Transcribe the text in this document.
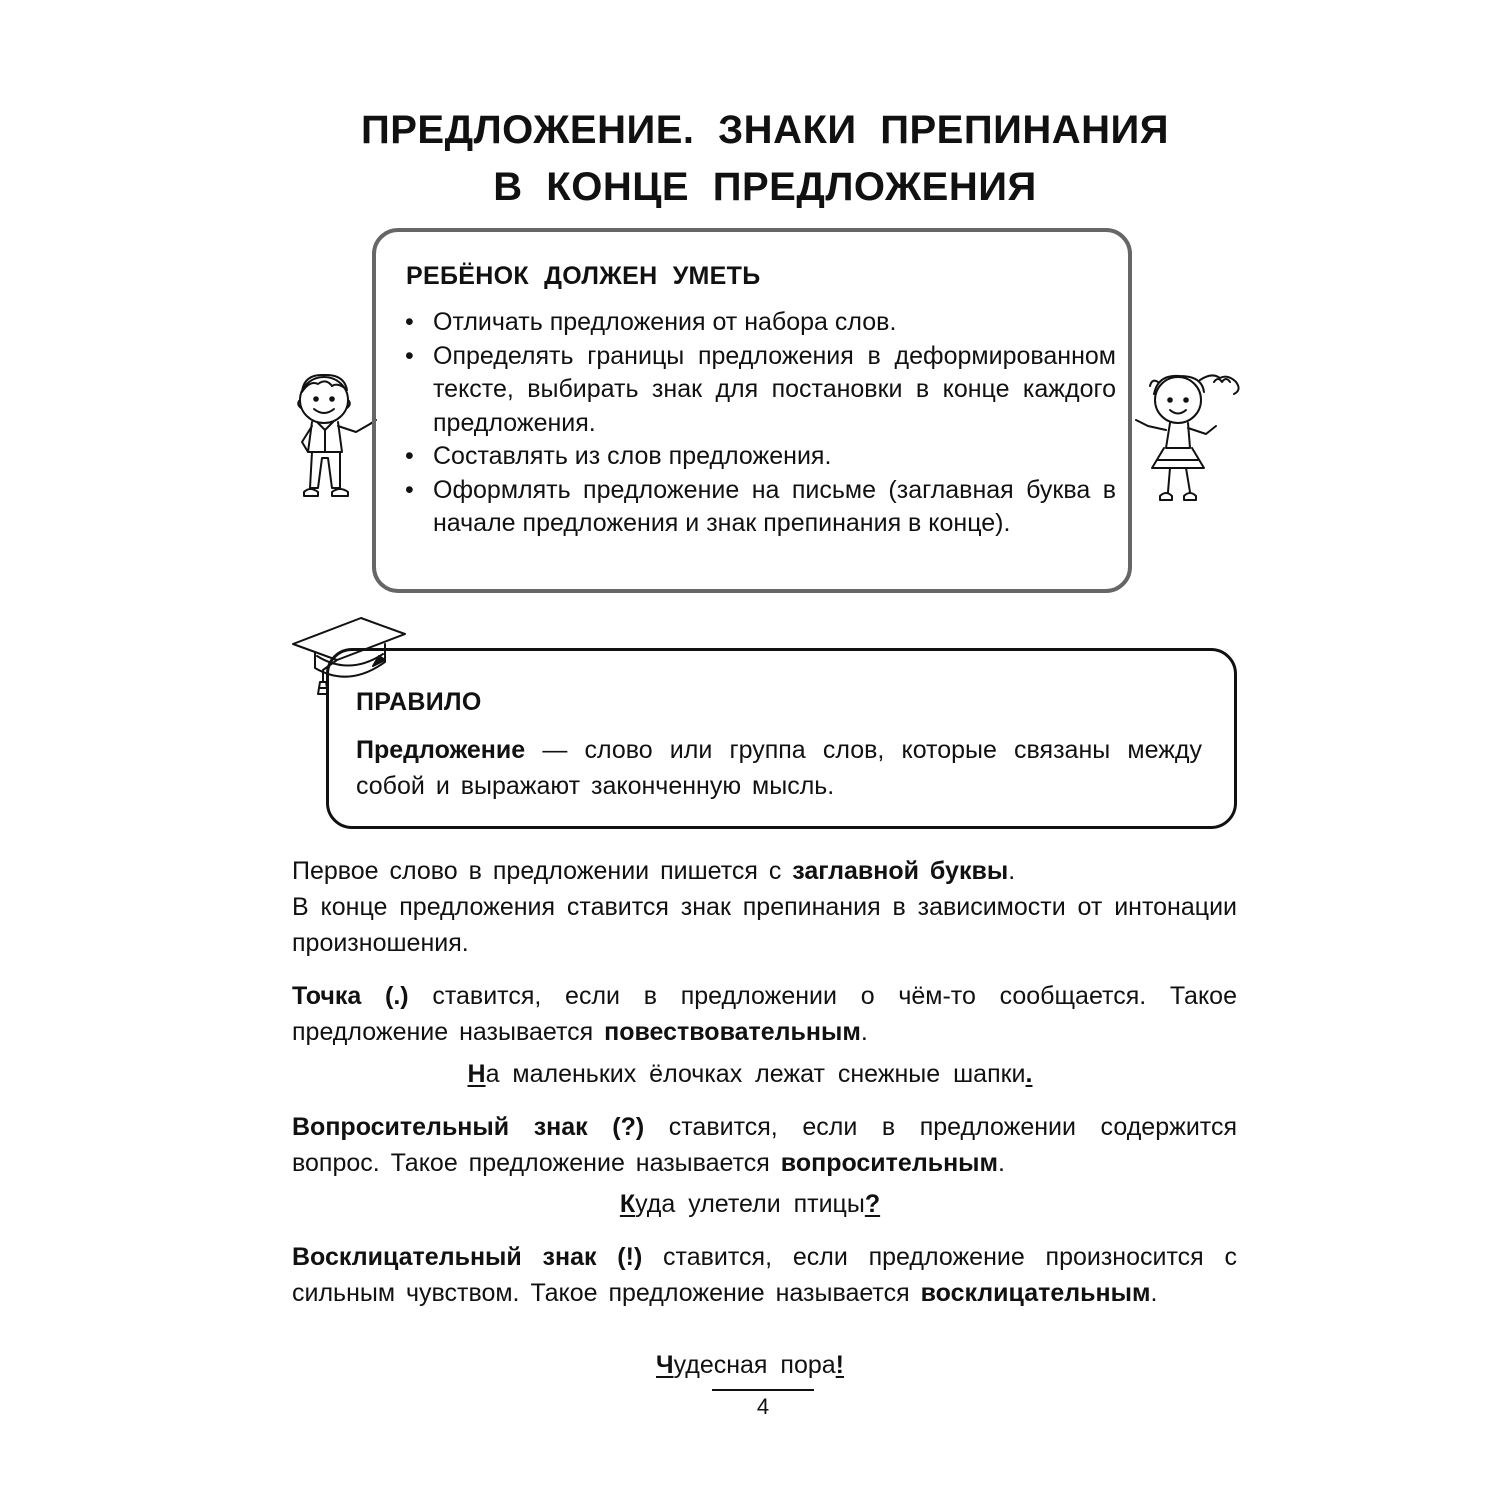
ПРЕДЛОЖЕНИЕ. ЗНАКИ ПРЕПИНАНИЯ
В КОНЦЕ ПРЕДЛОЖЕНИЯ
РЕБЁНОК ДОЛЖЕН УМЕТЬ
• Отличать предложения от набора слов.
• Определять границы предложения в деформированном тексте, выбирать знак для постановки в конце каждого предложения.
• Составлять из слов предложения.
• Оформлять предложение на письме (заглавная буква в начале предложения и знак препинания в конце).
ПРАВИЛО
Предложение — слово или группа слов, которые связаны между собой и выражают законченную мысль.

Первое слово в предложении пишется с заглавной буквы.
В конце предложения ставится знак препинания в зависимости от интонации произношения.

Точка (.) ставится, если в предложении о чём-то сообщается. Такое предложение называется повествовательным.

На маленьких ёлочках лежат снежные шапки.

Вопросительный знак (?) ставится, если в предложении содержится вопрос. Такое предложение называется вопросительным.

Куда улетели птицы?

Восклицательный знак (!) ставится, если предложение произносится с сильным чувством. Такое предложение называется восклицательным.

Чудесная пора!
4
